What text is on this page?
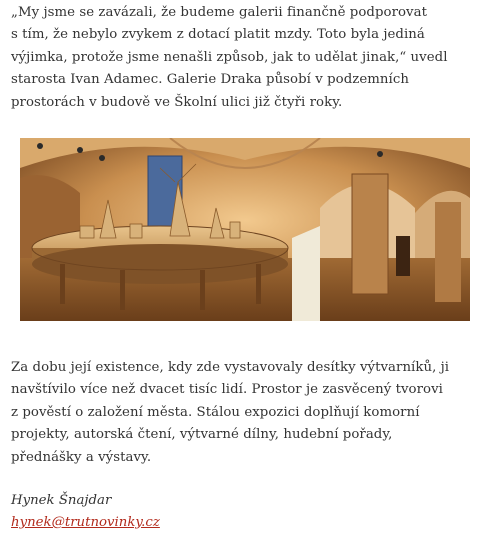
„My jsme se zavázali, že budeme galerii finančně podporovat
s tím, že nebylo zvykem z dotací platit mzdy. Toto byla jediná
výjimka, protože jsme nenašli způsob, jak to udělat jinak,“ uvedl
starosta Ivan Adamec. Galerie Draka působí v podzemních
prostorách v budově ve Školní ulici již čtyři roky.

Za dobu její existence, kdy zde vystavovaly desítky výtvarníků, ji
navštívilo více než dvacet tisíc lidí. Prostor je zasvěcený tvorovi
z pověstí o založení města. Stálou expozici doplňují komorní
projekty, autorská čtení, výtvarné dílny, hudební pořady,
přednášky a výstavy.

Hynek Šnajdar

hynek@trutnovinky.cz
